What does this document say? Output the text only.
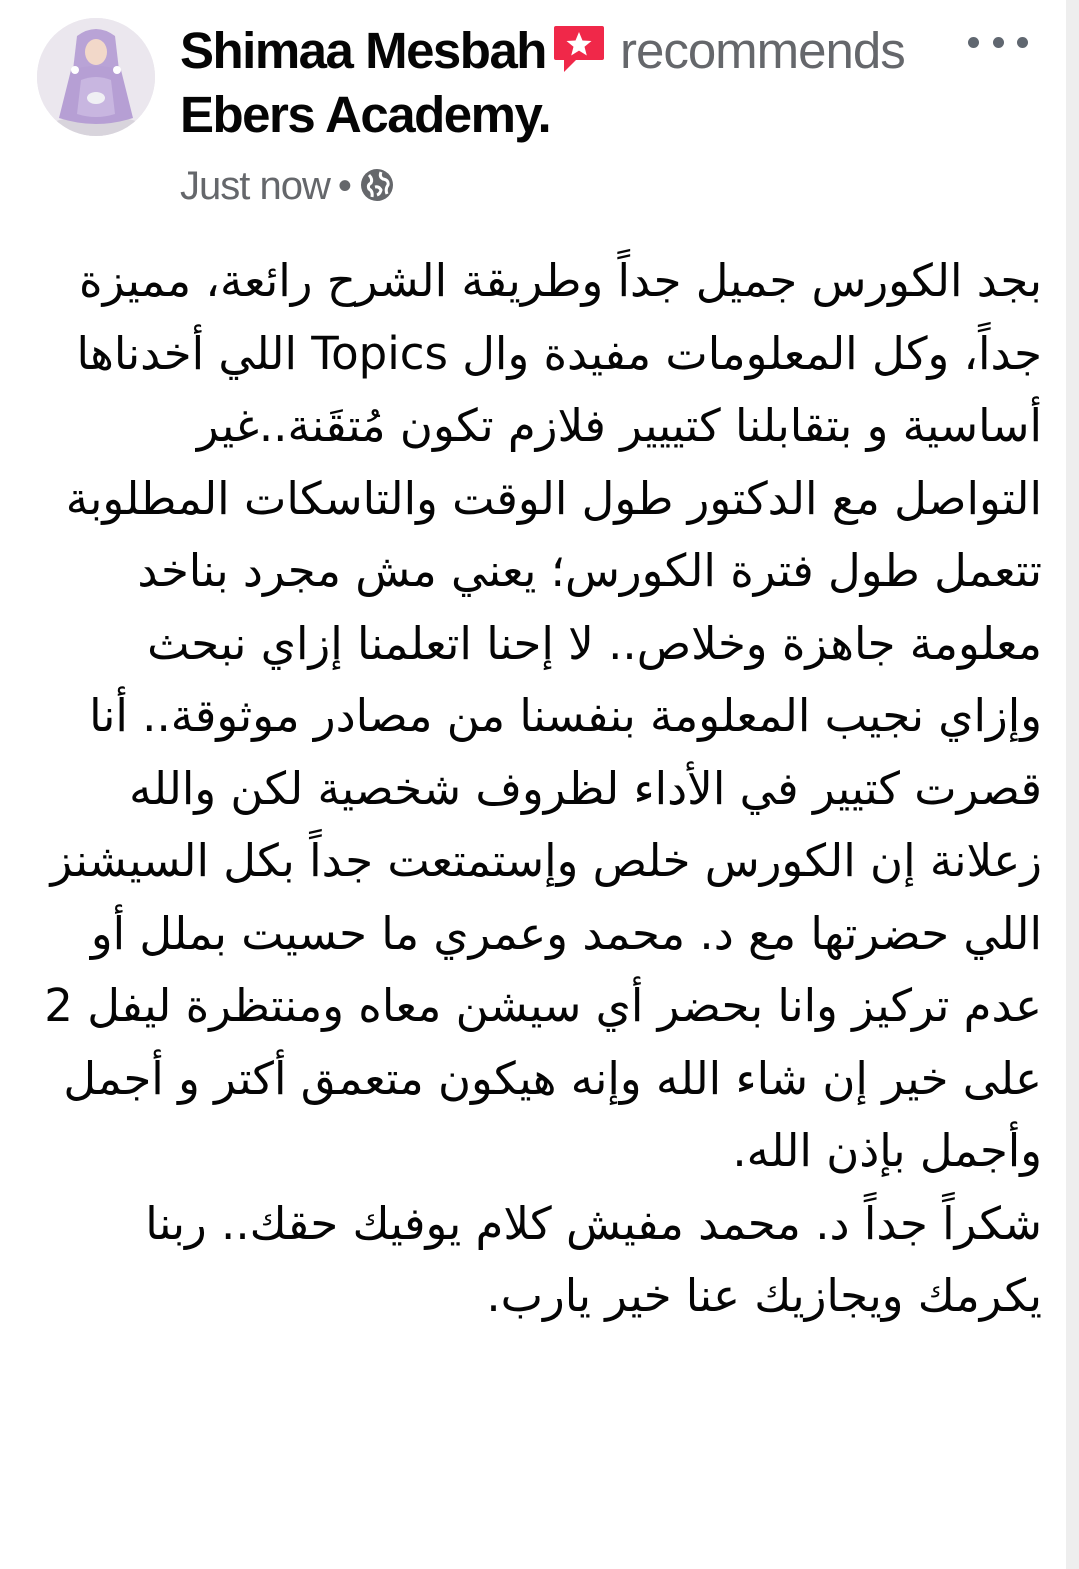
Shimaa Mesbah recommends
Ebers Academy.
Just now •
بجد الكورس جميل جداً وطريقة الشرح رائعة، مميزة جداً، وكل المعلومات مفيدة وال Topics اللي أخدناها أساسية و بتقابلنا كتييير فلازم تكون مُتقَنة..غير التواصل مع الدكتور طول الوقت والتاسكات المطلوبة تتعمل طول فترة الكورس؛ يعني مش مجرد بناخد معلومة جاهزة وخلاص.. لا إحنا اتعلمنا إزاي نبحث وإزاي نجيب المعلومة بنفسنا من مصادر موثوقة.. أنا قصرت كتيير في الأداء لظروف شخصية لكن والله زعلانة إن الكورس خلص وإستمتعت جداً بكل السيشنز اللي حضرتها مع د. محمد وعمري ما حسيت بملل أو عدم تركيز وانا بحضر أي سيشن معاه ومنتظرة ليفل 2 على خير إن شاء الله وإنه هيكون متعمق أكتر و أجمل وأجمل بإذن الله.
شكراً جداً د. محمد مفيش كلام يوفيك حقك.. ربنا يكرمك ويجازيك عنا خير يارب.
